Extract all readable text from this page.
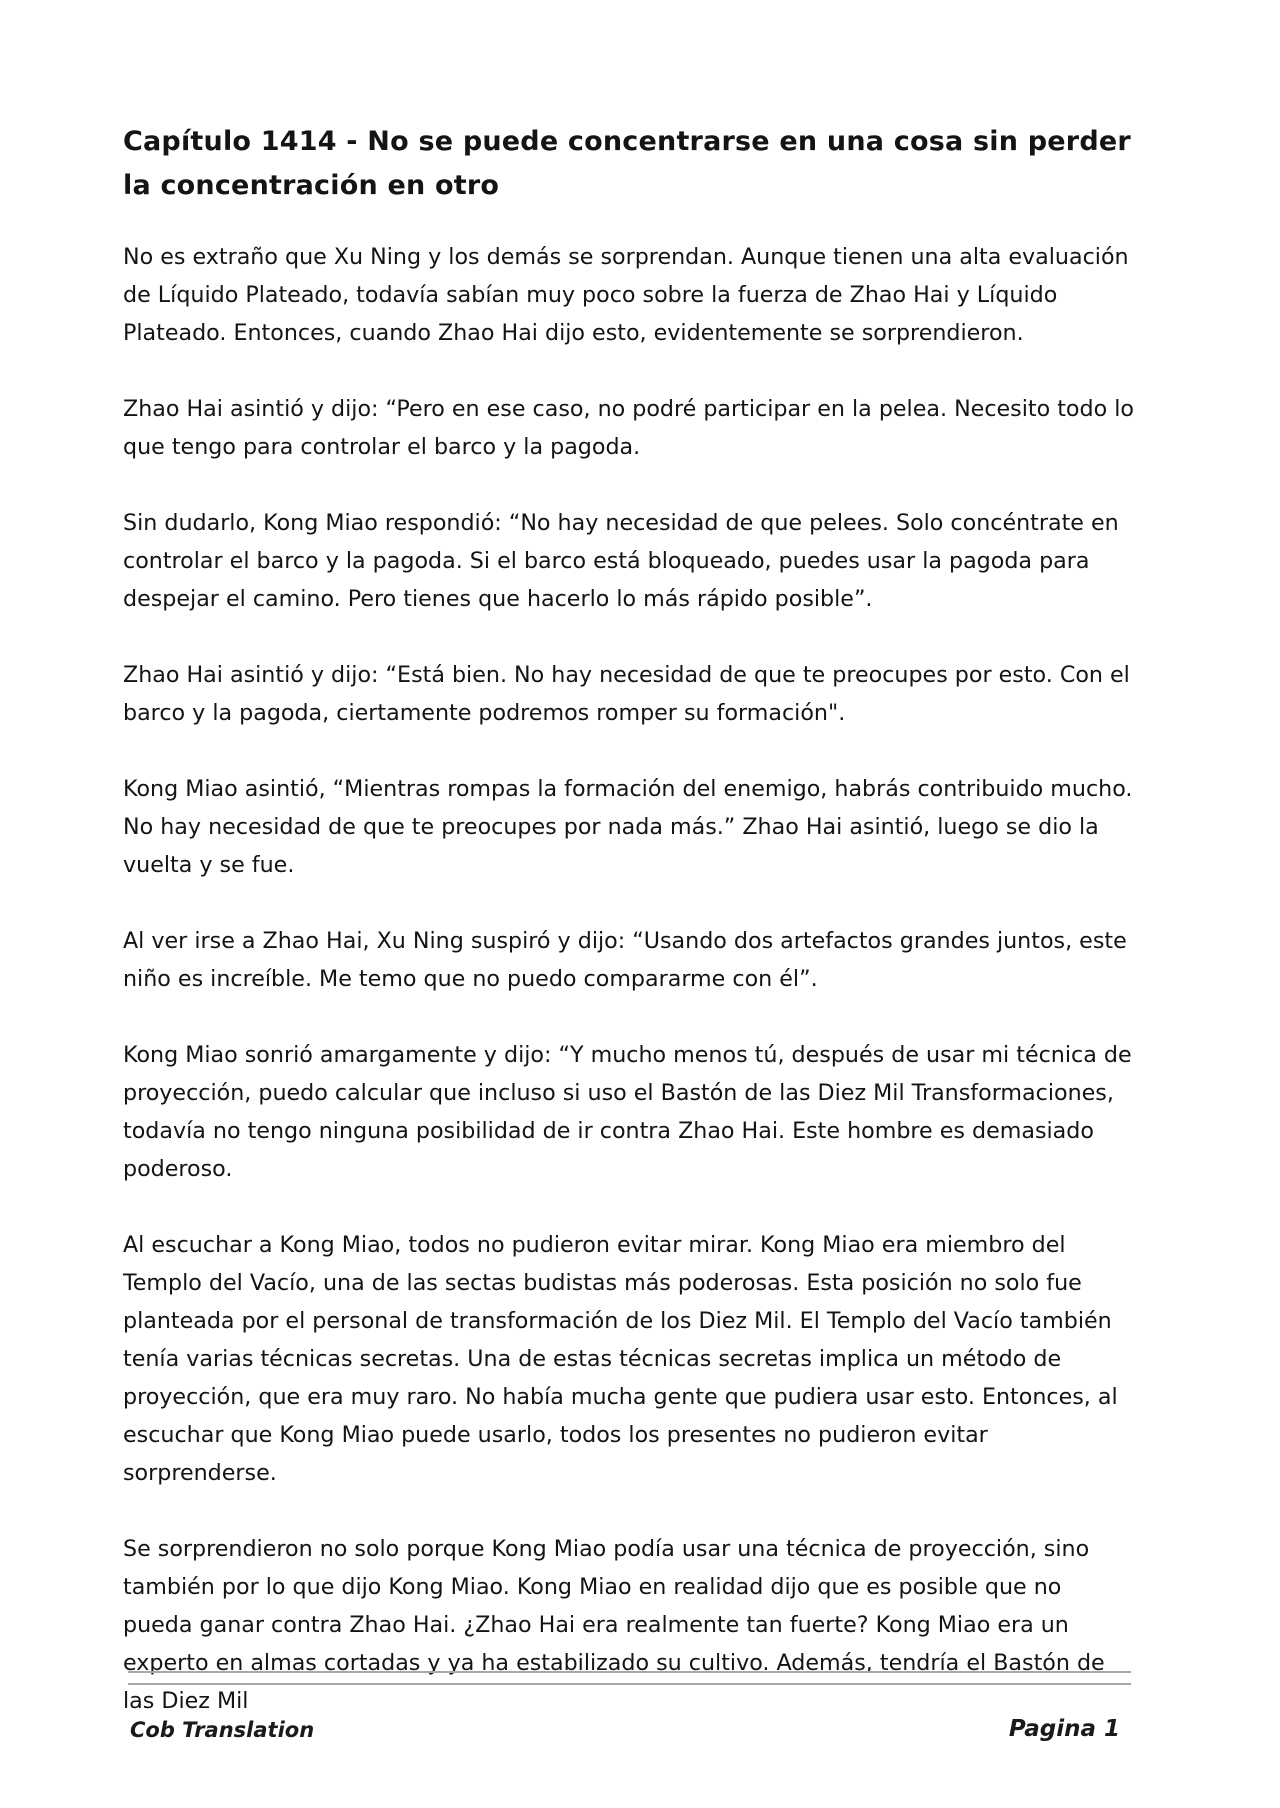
Capítulo 1414 - No se puede concentrarse en una cosa sin perder la concentración en otro

No es extraño que Xu Ning y los demás se sorprendan. Aunque tienen una alta evaluación de Líquido Plateado, todavía sabían muy poco sobre la fuerza de Zhao Hai y Líquido Plateado. Entonces, cuando Zhao Hai dijo esto, evidentemente se sorprendieron.

Zhao Hai asintió y dijo: “Pero en ese caso, no podré participar en la pelea. Necesito todo lo que tengo para controlar el barco y la pagoda.

Sin dudarlo, Kong Miao respondió: “No hay necesidad de que pelees. Solo concéntrate en controlar el barco y la pagoda. Si el barco está bloqueado, puedes usar la pagoda para despejar el camino. Pero tienes que hacerlo lo más rápido posible”.

Zhao Hai asintió y dijo: “Está bien. No hay necesidad de que te preocupes por esto. Con el barco y la pagoda, ciertamente podremos romper su formación".

Kong Miao asintió, “Mientras rompas la formación del enemigo, habrás contribuido mucho. No hay necesidad de que te preocupes por nada más.” Zhao Hai asintió, luego se dio la vuelta y se fue.

Al ver irse a Zhao Hai, Xu Ning suspiró y dijo: “Usando dos artefactos grandes juntos, este niño es increíble. Me temo que no puedo compararme con él”.

Kong Miao sonrió amargamente y dijo: “Y mucho menos tú, después de usar mi técnica de proyección, puedo calcular que incluso si uso el Bastón de las Diez Mil Transformaciones, todavía no tengo ninguna posibilidad de ir contra Zhao Hai. Este hombre es demasiado poderoso.

Al escuchar a Kong Miao, todos no pudieron evitar mirar. Kong Miao era miembro del Templo del Vacío, una de las sectas budistas más poderosas. Esta posición no solo fue planteada por el personal de transformación de los Diez Mil. El Templo del Vacío también tenía varias técnicas secretas. Una de estas técnicas secretas implica un método de proyección, que era muy raro. No había mucha gente que pudiera usar esto. Entonces, al escuchar que Kong Miao puede usarlo, todos los presentes no pudieron evitar sorprenderse.

Se sorprendieron no solo porque Kong Miao podía usar una técnica de proyección, sino también por lo que dijo Kong Miao. Kong Miao en realidad dijo que es posible que no pueda ganar contra Zhao Hai. ¿Zhao Hai era realmente tan fuerte? Kong Miao era un experto en almas cortadas y ya ha estabilizado su cultivo. Además, tendría el Bastón de las Diez Mil

Cob Translation	Pagina 1
